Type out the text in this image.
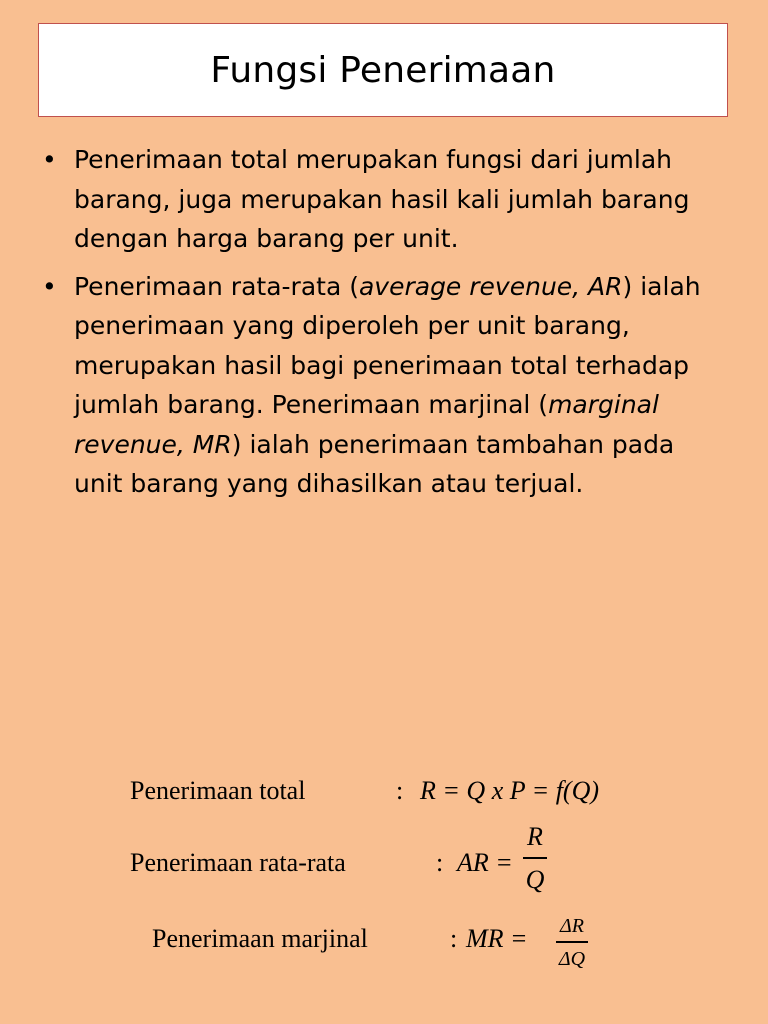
Fungsi Penerimaan
• Penerimaan total merupakan fungsi dari jumlah
barang, juga merupakan hasil kali jumlah barang
dengan harga barang per unit.
• Penerimaan rata-rata (average revenue, AR) ialah
penerimaan yang diperoleh per unit barang,
merupakan hasil bagi penerimaan total terhadap
jumlah barang. Penerimaan marjinal (marginal
revenue, MR) ialah penerimaan tambahan pada
unit barang yang dihasilkan atau terjual.
Penerimaan total	: R = Q x P = f(Q)
Penerimaan rata-rata	: AR =
R
Q
Penerimaan marjinal	: MR = ΔR
ΔQ
